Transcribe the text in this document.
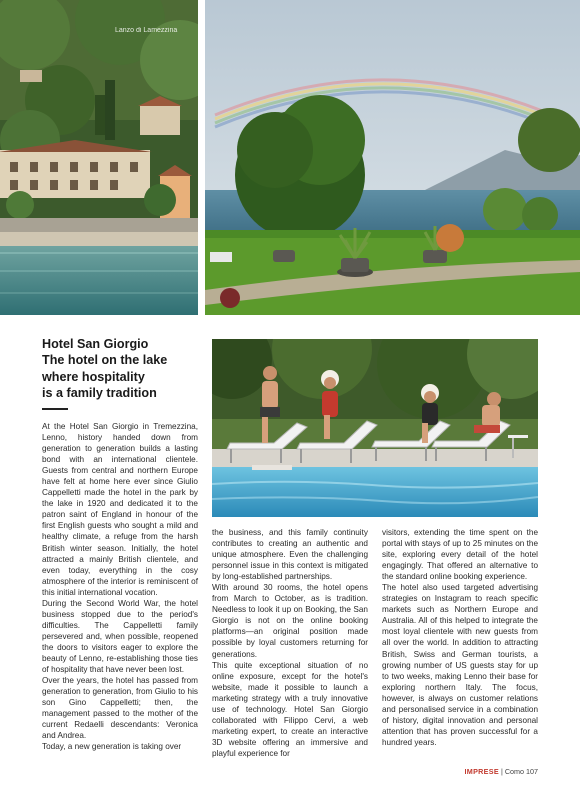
Lanzo di Lamezzina
Hotel San Giorgio
The hotel on the lake
where hospitality
is a family tradition

At the Hotel San Giorgio in Tremezzina, Lenno, history handed down from generation to generation builds a lasting bond with an international clientele. Guests from central and northern Europe have felt at home here ever since Giulio Cappelletti made the hotel in the park by the lake in 1920 and dedicated it to the patron saint of England in honour of the first English guests who sought a mild and healthy climate, a refuge from the harsh British winter season. Initially, the hotel attracted a mainly British clientele, and even today, everything in the cosy atmosphere of the interior is reminiscent of this initial international vocation.

During the Second World War, the hotel business stopped due to the period's difficulties. The Cappelletti family persevered and, when possible, reopened the doors to visitors eager to explore the beauty of Lenno, re-establishing those ties of hospitality that have never been lost.

Over the years, the hotel has passed from generation to generation, from Giulio to his son Gino Cappelletti; then, the management passed to the mother of the current Redaelli descendants: Veronica and Andrea.

Today, a new generation is taking over

the business, and this family continuity contributes to creating an authentic and unique atmosphere. Even the challenging personnel issue in this context is mitigated by long-established partnerships.

With around 30 rooms, the hotel opens from March to October, as is tradition. Needless to look it up on Booking, the San Giorgio is not on the online booking platforms—an original position made possible by loyal customers returning for generations.

This quite exceptional situation of no online exposure, except for the hotel's website, made it possible to launch a marketing strategy with a truly innovative use of technology. Hotel San Giorgio collaborated with Filippo Cervi, a web marketing expert, to create an interactive 3D website offering an immersive and playful experience for

visitors, extending the time spent on the portal with stays of up to 25 minutes on the site, exploring every detail of the hotel engagingly. That offered an alternative to the standard online booking experience.

The hotel also used targeted advertising strategies on Instagram to reach specific markets such as Northern Europe and Australia. All of this helped to integrate the most loyal clientele with new guests from all over the world. In addition to attracting British, Swiss and German tourists, a growing number of US guests stay for up to two weeks, making Lenno their base for exploring northern Italy. The focus, however, is always on customer relations and personalised service in a combination of history, digital innovation and personal attention that has proven successful for a hundred years.

IMPRESE | Como 107
